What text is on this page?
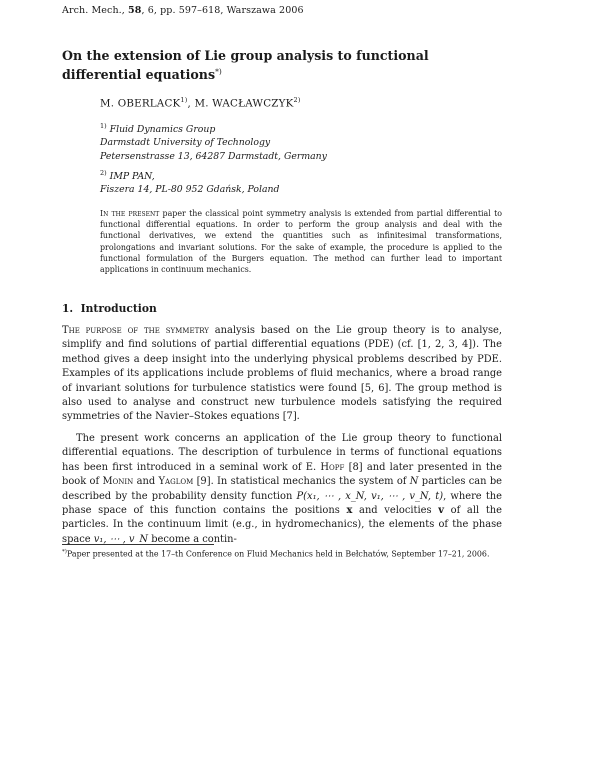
Arch. Mech., 58, 6, pp. 597–618, Warszawa 2006
On the extension of Lie group analysis to functional differential equations*)
M. OBERLACK$^{1)}$, M. WACŁAWCZYK$^{2)}$
$^{1)}$ Fluid Dynamics Group
Darmstadt University of Technology
Petersenstrasse 13, 64287 Darmstadt, Germany
$^{2)}$ IMP PAN,
Fiszera 14, PL-80 952 Gdańsk, Poland
In the present paper the classical point symmetry analysis is extended from partial differential to functional differential equations. In order to perform the group analysis and deal with the functional derivatives, we extend the quantities such as infinitesimal transformations, prolongations and invariant solutions. For the sake of example, the procedure is applied to the functional formulation of the Burgers equation. The method can further lead to important applications in continuum mechanics.
1. Introduction
The purpose of the symmetry analysis based on the Lie group theory is to analyse, simplify and find solutions of partial differential equations (PDE) (cf. [1, 2, 3, 4]). The method gives a deep insight into the underlying physical problems described by PDE. Examples of its applications include problems of fluid mechanics, where a broad range of invariant solutions for turbulence statistics were found [5, 6]. The group method is also used to analyse and construct new turbulence models satisfying the required symmetries of the Navier–Stokes equations [7].
The present work concerns an application of the Lie group theory to functional differential equations. The description of turbulence in terms of functional equations has been first introduced in a seminal work of E. Hopf [8] and later presented in the book of Monin and Yaglom [9]. In statistical mechanics the system of N particles can be described by the probability density function P(x₁, ⋯ , x_N, v₁, ⋯ , v_N, t), where the phase space of this function contains the positions x and velocities v of all the particles. In the continuum limit (e.g., in hydromechanics), the elements of the phase space v₁, ⋯ , v_N become a contin-
*)Paper presented at the 17–th Conference on Fluid Mechanics held in Bełchatów, September 17–21, 2006.
